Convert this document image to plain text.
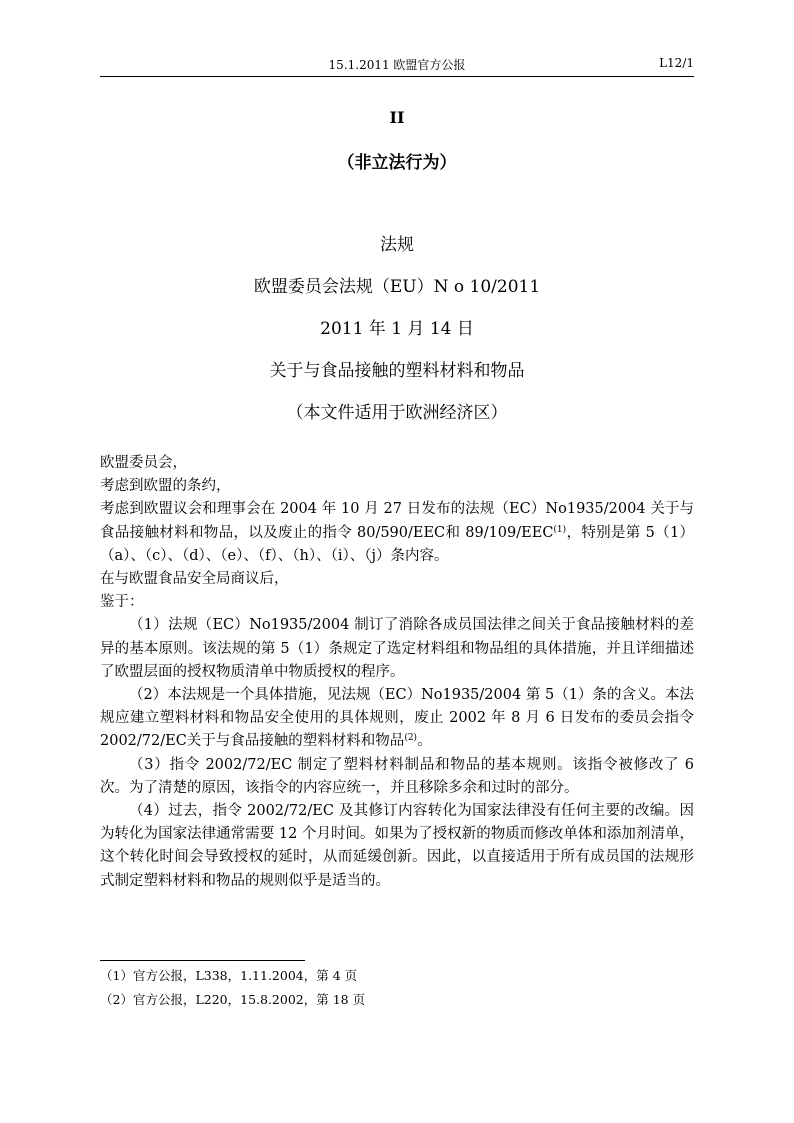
15.1.2011 欧盟官方公报	L12/1
II
（非立法行为）
法规
欧盟委员会法规（EU）N o 10/2011
2011 年 1 月 14 日
关于与食品接触的塑料材料和物品
（本文件适用于欧洲经济区）

欧盟委员会，

考虑到欧盟的条约，

考虑到欧盟议会和理事会在 2004 年 10 月 27 日发布的法规（EC）No1935/2004 关于与食品接触材料和物品，以及废止的指令 80/590/EEC和 89/109/EEC$^{(1)}$，特别是第 5（1）（a）、（c）、（d）、（e）、（f）、（h）、（i）、（j）条内容。

在与欧盟食品安全局商议后，

鉴于：

（1）法规（EC）No1935/2004 制订了消除各成员国法律之间关于食品接触材料的差异的基本原则。该法规的第 5（1）条规定了选定材料组和物品组的具体措施，并且详细描述了欧盟层面的授权物质清单中物质授权的程序。

（2）本法规是一个具体措施，见法规（EC）No1935/2004 第 5（1）条的含义。本法规应建立塑料材料和物品安全使用的具体规则，废止 2002 年 8 月 6 日发布的委员会指令 2002/72/EC关于与食品接触的塑料材料和物品$^{(2)}$。

（3）指令 2002/72/EC 制定了塑料材料制品和物品的基本规则。该指令被修改了 6 次。为了清楚的原因，该指令的内容应统一，并且移除多余和过时的部分。

（4）过去，指令 2002/72/EC 及其修订内容转化为国家法律没有任何主要的改编。因为转化为国家法律通常需要 12 个月时间。如果为了授权新的物质而修改单体和添加剂清单，这个转化时间会导致授权的延时，从而延缓创新。因此，以直接适用于所有成员国的法规形式制定塑料材料和物品的规则似乎是适当的。

（1）官方公报，L338，1.11.2004，第 4 页
（2）官方公报，L220，15.8.2002，第 18 页
